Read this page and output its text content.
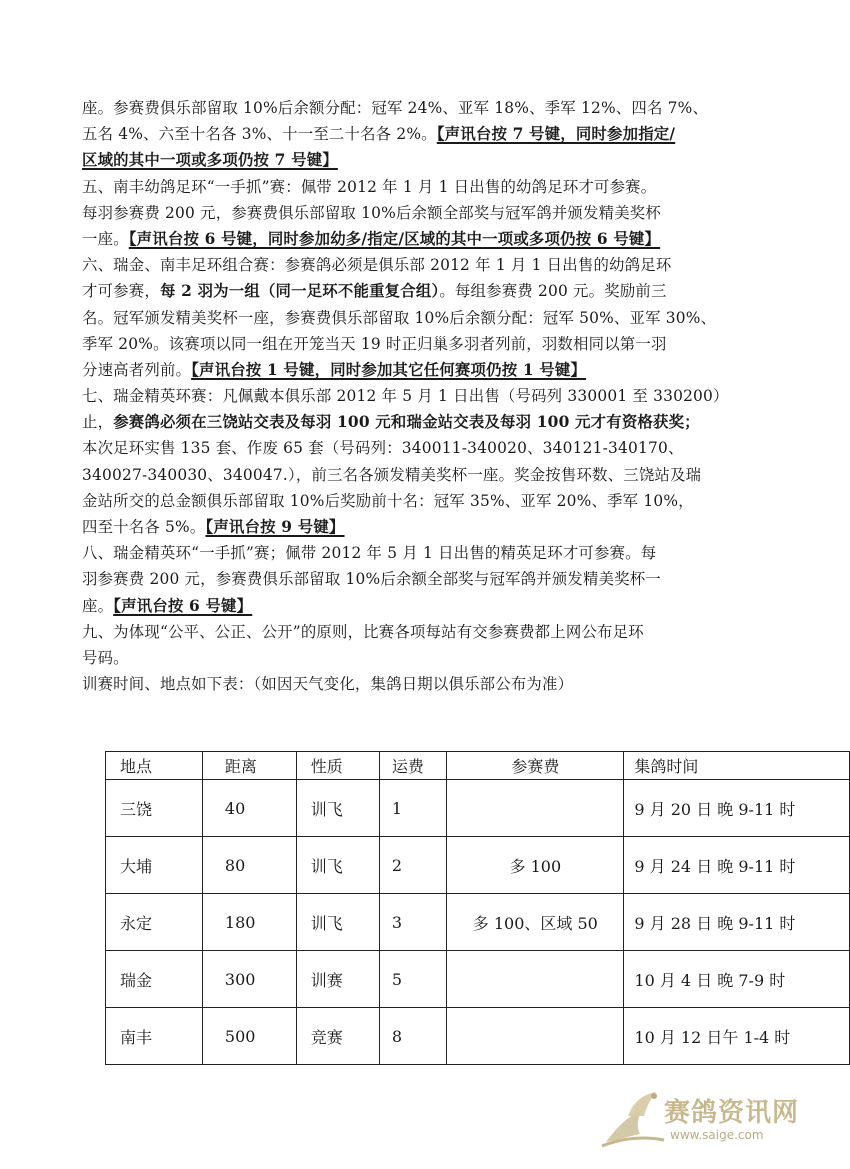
座。参赛费俱乐部留取 10%后余额分配：冠军 24%、亚军 18%、季军 12%、四名 7%、
五名 4%、六至十名各 3%、十一至二十名各 2%。【声讯台按 7 号键，同时参加指定/
区域的其中一项或多项仍按 7 号键】
五、南丰幼鸽足环“一手抓”赛：佩带 2012 年 1 月 1 日出售的幼鸽足环才可参赛。
每羽参赛费 200 元，参赛费俱乐部留取 10%后余额全部奖与冠军鸽并颁发精美奖杯
一座。【声讯台按 6 号键，同时参加幼多/指定/区域的其中一项或多项仍按 6 号键】
六、瑞金、南丰足环组合赛：参赛鸽必须是俱乐部 2012 年 1 月 1 日出售的幼鸽足环
才可参赛，每 2 羽为一组（同一足环不能重复合组）。每组参赛费 200 元。奖励前三
名。冠军颁发精美奖杯一座，参赛费俱乐部留取 10%后余额分配：冠军 50%、亚军 30%、
季军 20%。该赛项以同一组在开笼当天 19 时正归巢多羽者列前，羽数相同以第一羽
分速高者列前。【声讯台按 1 号键，同时参加其它任何赛项仍按 1 号键】
七、瑞金精英环赛：凡佩戴本俱乐部 2012 年 5 月 1 日出售（号码列 330001 至 330200）
止，参赛鸽必须在三饶站交表及每羽 100 元和瑞金站交表及每羽 100 元才有资格获奖；
本次足环实售 135 套、作废 65 套（号码列：340011-340020、340121-340170、
340027-340030、340047.），前三名各颁发精美奖杯一座。奖金按售环数、三饶站及瑞
金站所交的总金额俱乐部留取 10%后奖励前十名：冠军 35%、亚军 20%、季军 10%，
四至十名各 5%。【声讯台按 9 号键】
八、瑞金精英环“一手抓”赛；佩带 2012 年 5 月 1 日出售的精英足环才可参赛。每
羽参赛费 200 元，参赛费俱乐部留取 10%后余额全部奖与冠军鸽并颁发精美奖杯一
座。【声讯台按 6 号键】
九、为体现“公平、公正、公开”的原则，比赛各项每站有交参赛费都上网公布足环
号码。
训赛时间、地点如下表：（如因天气变化，集鸽日期以俱乐部公布为准）
地点	距离	性质	运费	参赛费	集鸽时间
三饶	40	训飞	1		9 月 20 日 晚 9-11 时
大埔	80	训飞	2	多 100	9 月 24 日 晚 9-11 时
永定	180	训飞	3	多 100、区域 50	9 月 28 日 晚 9-11 时
瑞金	300	训赛	5		10 月 4 日 晚 7-9 时
南丰	500	竞赛	8		10 月 12 日午 1-4 时
赛鸽资讯网
www.saige.com
